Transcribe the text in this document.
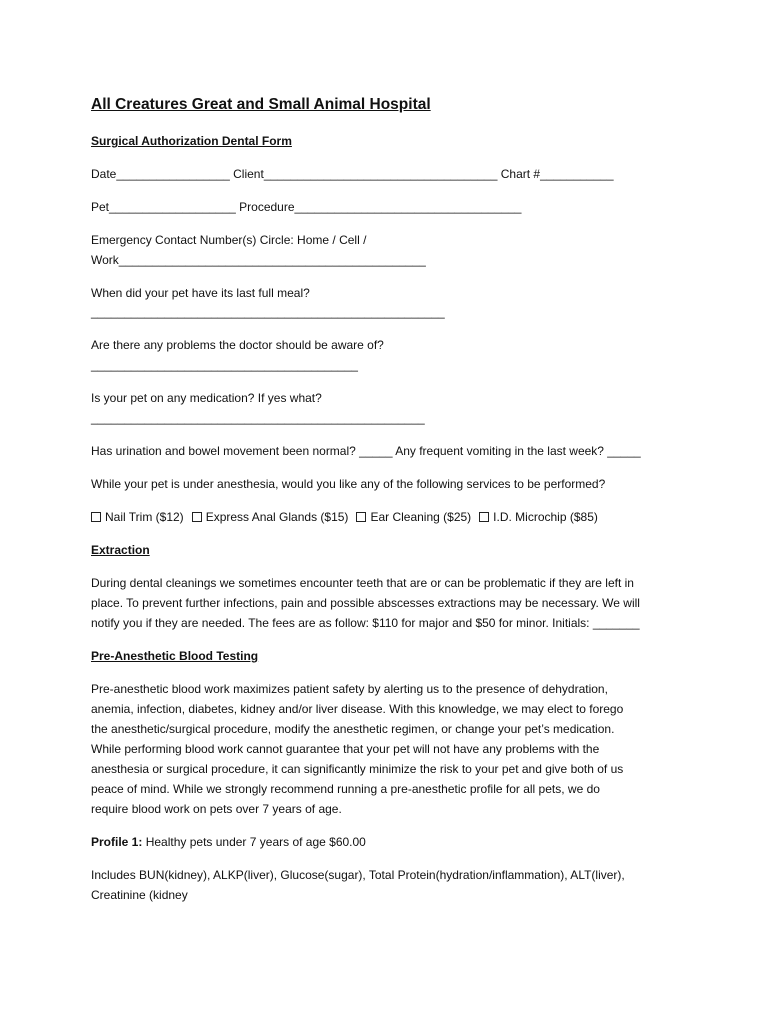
All Creatures Great and Small Animal Hospital
Surgical Authorization Dental Form
Date_________________ Client___________________________________ Chart #___________
Pet___________________ Procedure__________________________________
Emergency Contact Number(s) Circle: Home / Cell /
Work______________________________________________
When did your pet have its last full meal?
_____________________________________________________
Are there any problems the doctor should be aware of?
________________________________________
Is your pet on any medication? If yes what?
__________________________________________________
Has urination and bowel movement been normal? _____ Any frequent vomiting in the last week? _____
While your pet is under anesthesia, would you like any of the following services to be performed?
Nail Trim ($12) Express Anal Glands ($15) Ear Cleaning ($25) I.D. Microchip ($85)
Extraction
During dental cleanings we sometimes encounter teeth that are or can be problematic if they are left in
place. To prevent further infections, pain and possible abscesses extractions may be necessary. We will
notify you if they are needed. The fees are as follow: $110 for major and $50 for minor. Initials: _______
Pre-Anesthetic Blood Testing
Pre-anesthetic blood work maximizes patient safety by alerting us to the presence of dehydration,
anemia, infection, diabetes, kidney and/or liver disease. With this knowledge, we may elect to forego
the anesthetic/surgical procedure, modify the anesthetic regimen, or change your pet’s medication.
While performing blood work cannot guarantee that your pet will not have any problems with the
anesthesia or surgical procedure, it can significantly minimize the risk to your pet and give both of us
peace of mind. While we strongly recommend running a pre-anesthetic profile for all pets, we do
require blood work on pets over 7 years of age.
Profile 1: Healthy pets under 7 years of age $60.00
Includes BUN(kidney), ALKP(liver), Glucose(sugar), Total Protein(hydration/inflammation), ALT(liver),
Creatinine (kidney
